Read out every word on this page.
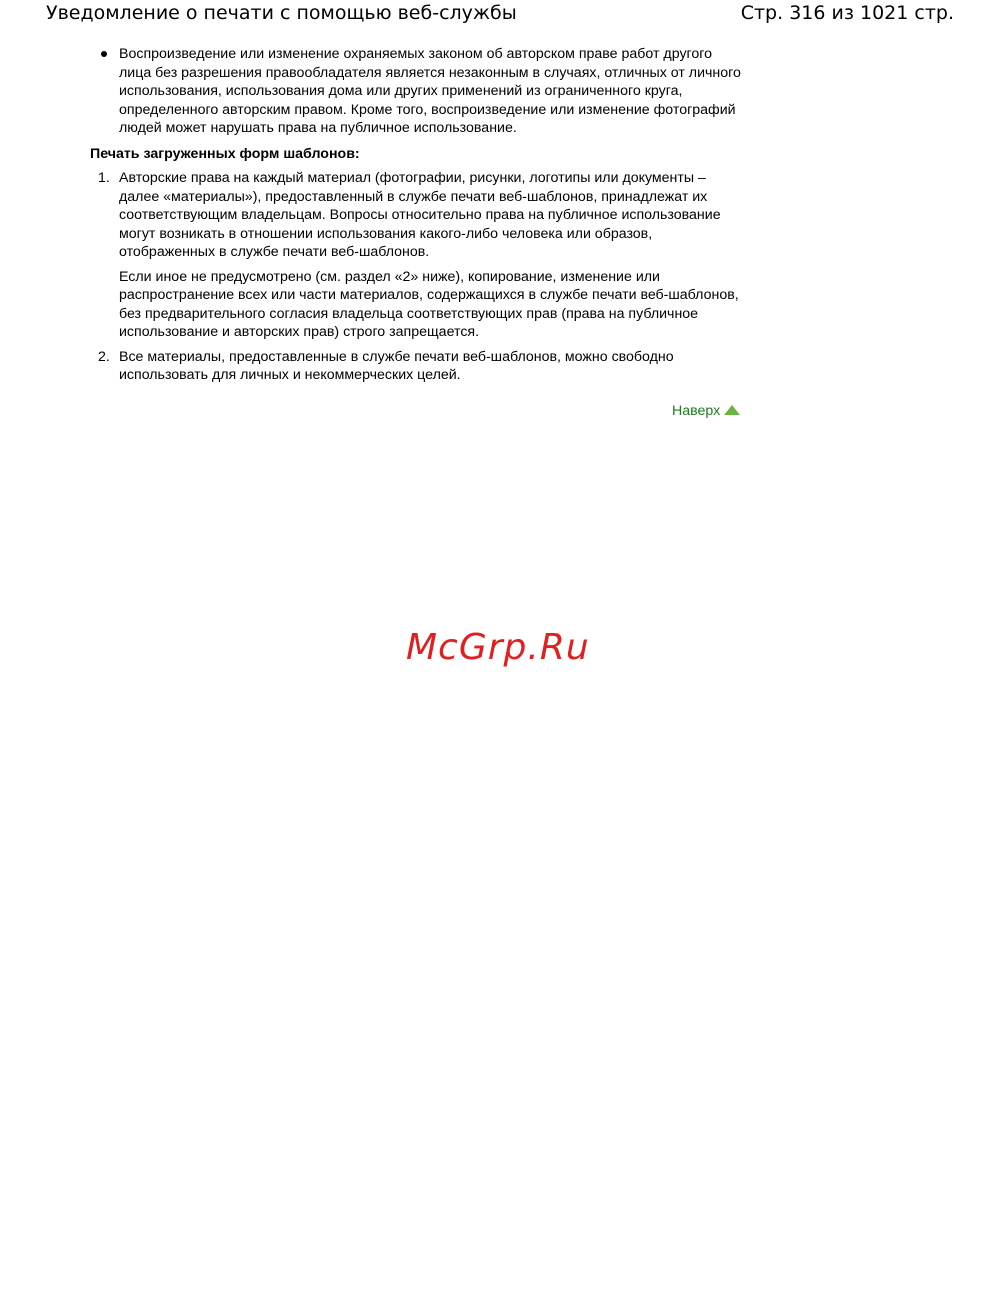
Уведомление о печати с помощью веб-службы	Стр. 316 из 1021 стр.
Воспроизведение или изменение охраняемых законом об авторском праве работ другого лица без разрешения правообладателя является незаконным в случаях, отличных от личного использования, использования дома или других применений из ограниченного круга, определенного авторским правом. Кроме того, воспроизведение или изменение фотографий людей может нарушать права на публичное использование.
Печать загруженных форм шаблонов:
1. Авторские права на каждый материал (фотографии, рисунки, логотипы или документы – далее «материалы»), предоставленный в службе печати веб-шаблонов, принадлежат их соответствующим владельцам. Вопросы относительно права на публичное использование могут возникать в отношении использования какого-либо человека или образов, отображенных в службе печати веб-шаблонов.

Если иное не предусмотрено (см. раздел «2» ниже), копирование, изменение или распространение всех или части материалов, содержащихся в службе печати веб-шаблонов, без предварительного согласия владельца соответствующих прав (права на публичное использование и авторских прав) строго запрещается.

2. Все материалы, предоставленные в службе печати веб-шаблонов, можно свободно использовать для личных и некоммерческих целей.

Наверх
McGrp.Ru
